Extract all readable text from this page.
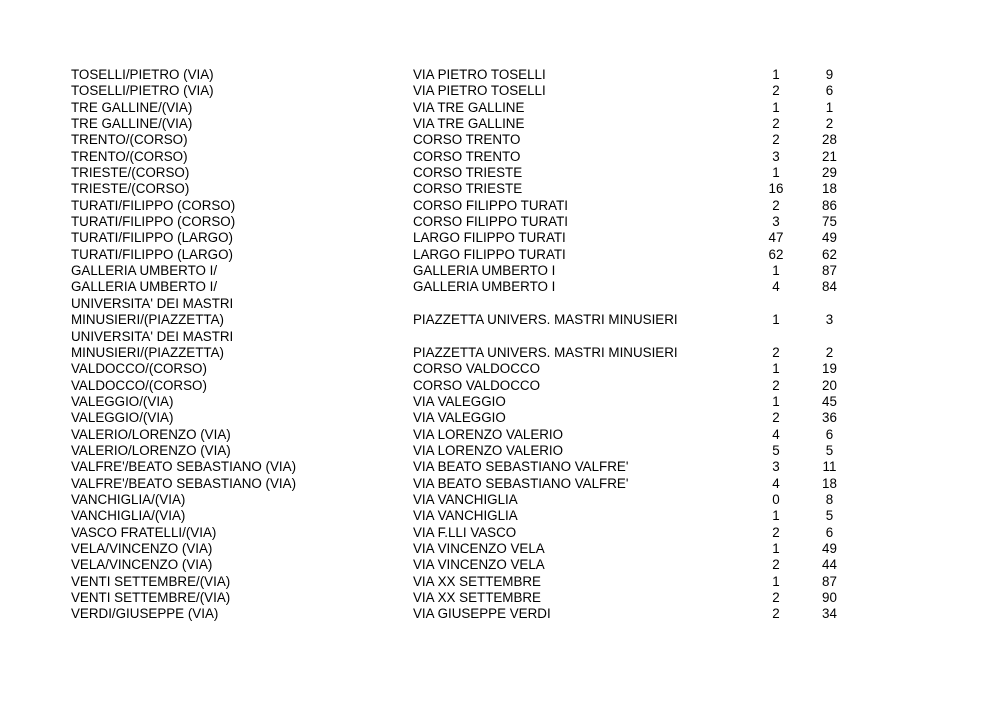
TOSELLI/PIETRO (VIA)	VIA PIETRO TOSELLI	1	9
TOSELLI/PIETRO (VIA)	VIA PIETRO TOSELLI	2	6
TRE GALLINE/(VIA)	VIA TRE GALLINE	1	1
TRE GALLINE/(VIA)	VIA TRE GALLINE	2	2
TRENTO/(CORSO)	CORSO TRENTO	2	28
TRENTO/(CORSO)	CORSO TRENTO	3	21
TRIESTE/(CORSO)	CORSO TRIESTE	1	29
TRIESTE/(CORSO)	CORSO TRIESTE	16	18
TURATI/FILIPPO (CORSO)	CORSO FILIPPO TURATI	2	86
TURATI/FILIPPO (CORSO)	CORSO FILIPPO TURATI	3	75
TURATI/FILIPPO (LARGO)	LARGO FILIPPO TURATI	47	49
TURATI/FILIPPO (LARGO)	LARGO FILIPPO TURATI	62	62
GALLERIA UMBERTO I/	GALLERIA UMBERTO I	1	87
GALLERIA UMBERTO I/	GALLERIA UMBERTO I	4	84
UNIVERSITA' DEI MASTRI MINUSIERI/(PIAZZETTA)	PIAZZETTA UNIVERS. MASTRI MINUSIERI	1	3
UNIVERSITA' DEI MASTRI MINUSIERI/(PIAZZETTA)	PIAZZETTA UNIVERS. MASTRI MINUSIERI	2	2
VALDOCCO/(CORSO)	CORSO VALDOCCO	1	19
VALDOCCO/(CORSO)	CORSO VALDOCCO	2	20
VALEGGIO/(VIA)	VIA VALEGGIO	1	45
VALEGGIO/(VIA)	VIA VALEGGIO	2	36
VALERIO/LORENZO (VIA)	VIA LORENZO VALERIO	4	6
VALERIO/LORENZO (VIA)	VIA LORENZO VALERIO	5	5
VALFRE'/BEATO SEBASTIANO (VIA)	VIA BEATO SEBASTIANO VALFRE'	3	11
VALFRE'/BEATO SEBASTIANO (VIA)	VIA BEATO SEBASTIANO VALFRE'	4	18
VANCHIGLIA/(VIA)	VIA VANCHIGLIA	0	8
VANCHIGLIA/(VIA)	VIA VANCHIGLIA	1	5
VASCO FRATELLI/(VIA)	VIA F.LLI VASCO	2	6
VELA/VINCENZO (VIA)	VIA VINCENZO VELA	1	49
VELA/VINCENZO (VIA)	VIA VINCENZO VELA	2	44
VENTI SETTEMBRE/(VIA)	VIA XX SETTEMBRE	1	87
VENTI SETTEMBRE/(VIA)	VIA XX SETTEMBRE	2	90
VERDI/GIUSEPPE (VIA)	VIA GIUSEPPE VERDI	2	34
